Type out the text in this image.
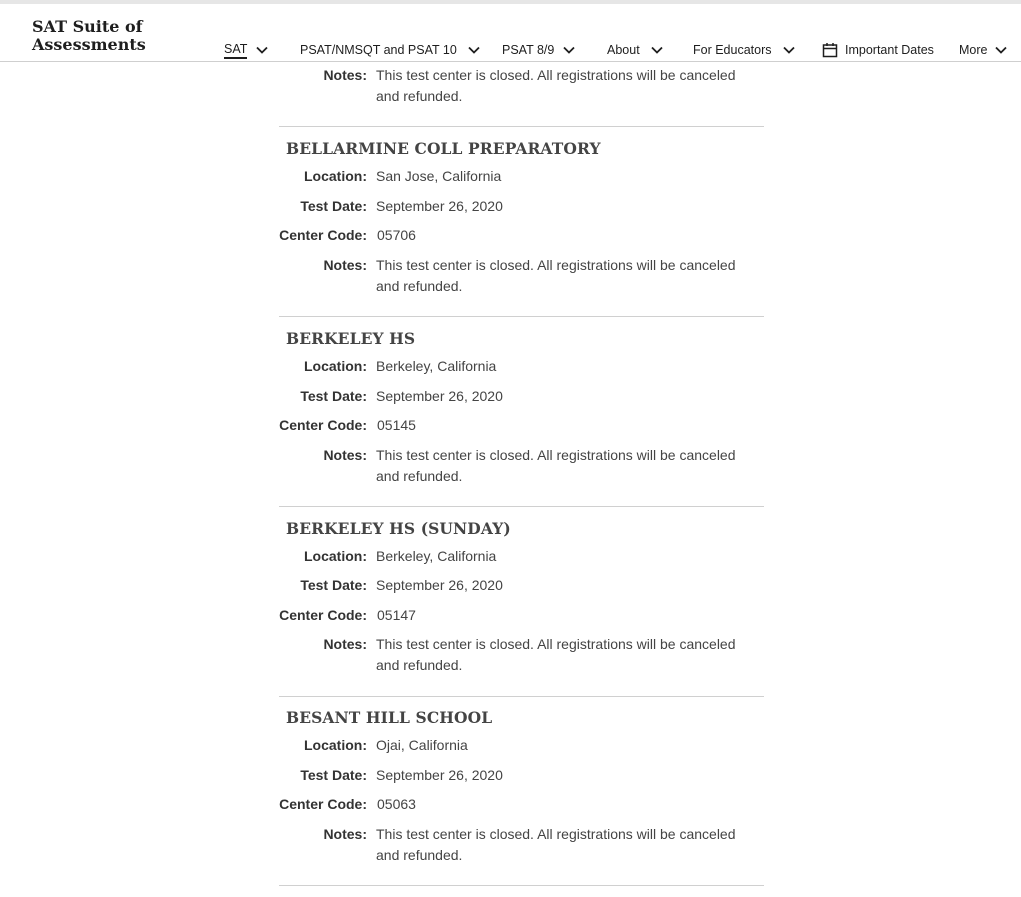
SAT Suite of
Assessments	SAT	PSAT/NMSQT and PSAT 10	PSAT 8/9	About	For Educators	Important Dates More
Notes: This test center is closed. All registrations will be canceled and refunded.
BELLARMINE COLL PREPARATORY
Location: San Jose, California
Test Date: September 26, 2020
Center Code: 05706
Notes: This test center is closed. All registrations will be canceled and refunded.
BERKELEY HS
Location: Berkeley, California
Test Date: September 26, 2020
Center Code: 05145
Notes: This test center is closed. All registrations will be canceled and refunded.
BERKELEY HS (SUNDAY)
Location: Berkeley, California
Test Date: September 26, 2020
Center Code: 05147
Notes: This test center is closed. All registrations will be canceled and refunded.
BESANT HILL SCHOOL
Location: Ojai, California
Test Date: September 26, 2020
Center Code: 05063
Notes: This test center is closed. All registrations will be canceled and refunded.
